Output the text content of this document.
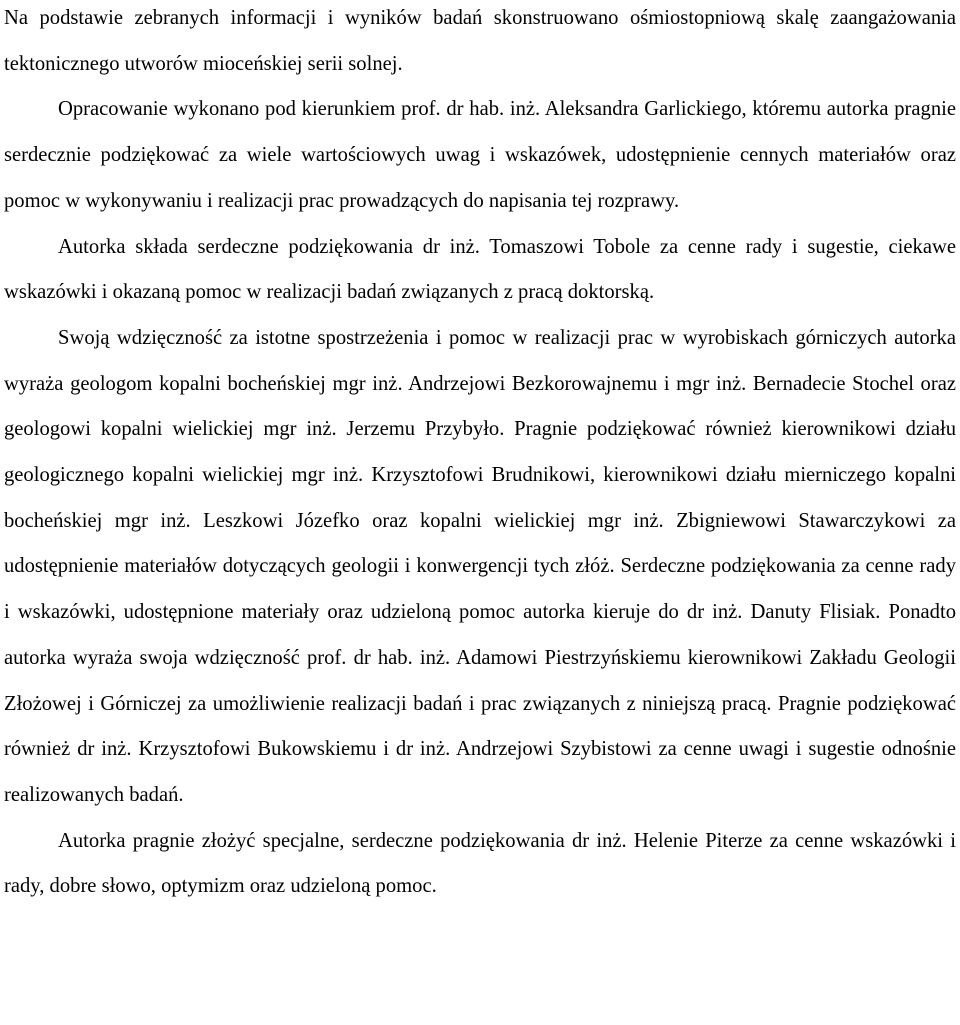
Na podstawie zebranych informacji i wyników badań skonstruowano ośmiostopniową skalę zaangażowania tektonicznego utworów mioceńskiej serii solnej.

Opracowanie wykonano pod kierunkiem prof. dr hab. inż. Aleksandra Garlickiego, któremu autorka pragnie serdecznie podziękować za wiele wartościowych uwag i wskazówek, udostępnienie cennych materiałów oraz pomoc w wykonywaniu i realizacji prac prowadzących do napisania tej rozprawy.

Autorka składa serdeczne podziękowania dr inż. Tomaszowi Tobole za cenne rady i sugestie, ciekawe wskazówki i okazaną pomoc w realizacji badań związanych z pracą doktorską.

Swoją wdzięczność za istotne spostrzeżenia i pomoc w realizacji prac w wyrobiskach górniczych autorka wyraża geologom kopalni bocheńskiej mgr inż. Andrzejowi Bezkorowajnemu i mgr inż. Bernadecie Stochel oraz geologowi kopalni wielickiej mgr inż. Jerzemu Przybyło. Pragnie podziękować również kierownikowi działu geologicznego kopalni wielickiej mgr inż. Krzysztofowi Brudnikowi, kierownikowi działu mierniczego kopalni bocheńskiej mgr inż. Leszkowi Józefko oraz kopalni wielickiej mgr inż. Zbigniewowi Stawarczykowi za udostępnienie materiałów dotyczących geologii i konwergencji tych złóż. Serdeczne podziękowania za cenne rady i wskazówki, udostępnione materiały oraz udzieloną pomoc autorka kieruje do dr inż. Danuty Flisiak. Ponadto autorka wyraża swoja wdzięczność prof. dr hab. inż. Adamowi Piestrzyńskiemu kierownikowi Zakładu Geologii Złożowej i Górniczej za umożliwienie realizacji badań i prac związanych z niniejszą pracą. Pragnie podziękować również dr inż. Krzysztofowi Bukowskiemu i dr inż. Andrzejowi Szybistowi za cenne uwagi i sugestie odnośnie realizowanych badań.

Autorka pragnie złożyć specjalne, serdeczne podziękowania dr inż. Helenie Piterze za cenne wskazówki i rady, dobre słowo, optymizm oraz udzieloną pomoc.
